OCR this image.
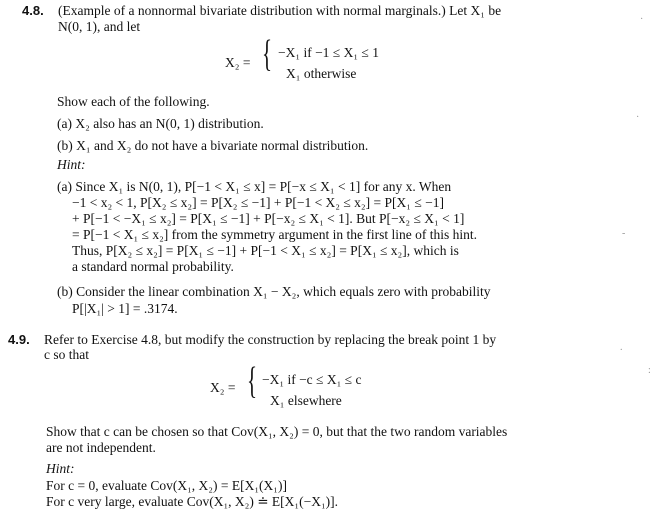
4.8. (Example of a nonnormal bivariate distribution with normal marginals.) Let X₁ be
N(0, 1), and let
X₂ = { −X₁ if −1 ≤ X₁ ≤ 1
X₁ otherwise
Show each of the following.
(a) X₂ also has an N(0, 1) distribution.
(b) X₁ and X₂ do not have a bivariate normal distribution.
Hint:
(a) Since X₁ is N(0, 1), P[−1 < X₁ ≤ x] = P[−x ≤ X₁ < 1] for any x. When
−1 < x₂ < 1, P[X₂ ≤ x₂] = P[X₂ ≤ −1] + P[−1 < X₂ ≤ x₂] = P[X₁ ≤ −1]
+ P[−1 < −X₁ ≤ x₂] = P[X₁ ≤ −1] + P[−x₂ ≤ X₁ < 1]. But P[−x₂ ≤ X₁ < 1]
= P[−1 < X₁ ≤ x₂] from the symmetry argument in the first line of this hint.
Thus, P[X₂ ≤ x₂] = P[X₁ ≤ −1] + P[−1 < X₁ ≤ x₂] = P[X₁ ≤ x₂], which is
a standard normal probability.
(b) Consider the linear combination X₁ − X₂, which equals zero with probability
P[|X₁| > 1] = .3174.
4.9. Refer to Exercise 4.8, but modify the construction by replacing the break point 1 by
c so that
X₂ = { −X₁ if −c ≤ X₁ ≤ c
X₁ elsewhere
Show that c can be chosen so that Cov(X₁, X₂) = 0, but that the two random variables
are not independent.
Hint:
For c = 0, evaluate Cov(X₁, X₂) = E[X₁(X₁)]
For c very large, evaluate Cov(X₁, X₂) ≐ E[X₁(−X₁)].
·
·
-
.
:
